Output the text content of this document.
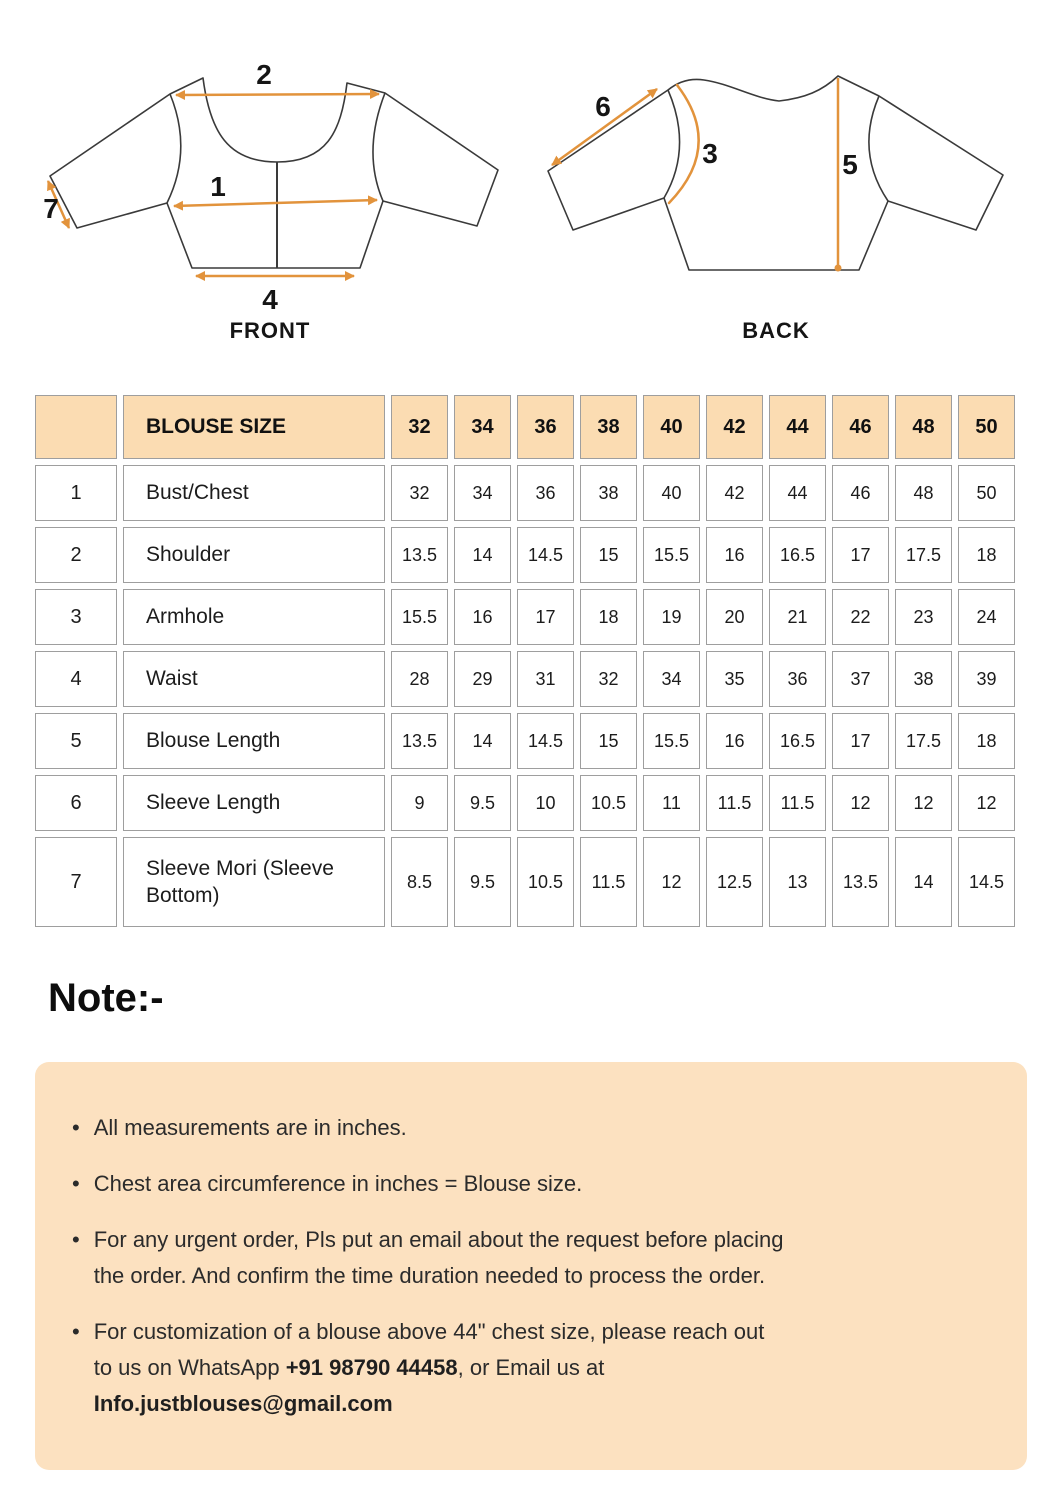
2
1
4
7
FRONT
6
3	5
BACK
	BLOUSE SIZE	32	34	36	38	40	42	44	46	48	50
1	Bust/Chest	32	34	36	38	40	42	44	46	48	50
2	Shoulder	13.5	14	14.5	15	15.5	16	16.5	17	17.5	18
3	Armhole	15.5	16	17	18	19	20	21	22	23	24
4	Waist	28	29	31	32	34	35	36	37	38	39
5	Blouse Length	13.5	14	14.5	15	15.5	16	16.5	17	17.5	18
6	Sleeve Length	9	9.5	10	10.5	11	11.5	11.5	12	12	12
7	Sleeve Mori (Sleeve Bottom)	8.5	9.5	10.5	11.5	12	12.5	13	13.5	14	14.5
Note:-
• All measurements are in inches.
• Chest area circumference in inches = Blouse size.
• For any urgent order, Pls put an email about the request before placing
the order. And confirm the time duration needed to process the order.
• For customization of a blouse above 44" chest size, please reach out
to us on WhatsApp +91 98790 44458, or Email us at
Info.justblouses@gmail.com
